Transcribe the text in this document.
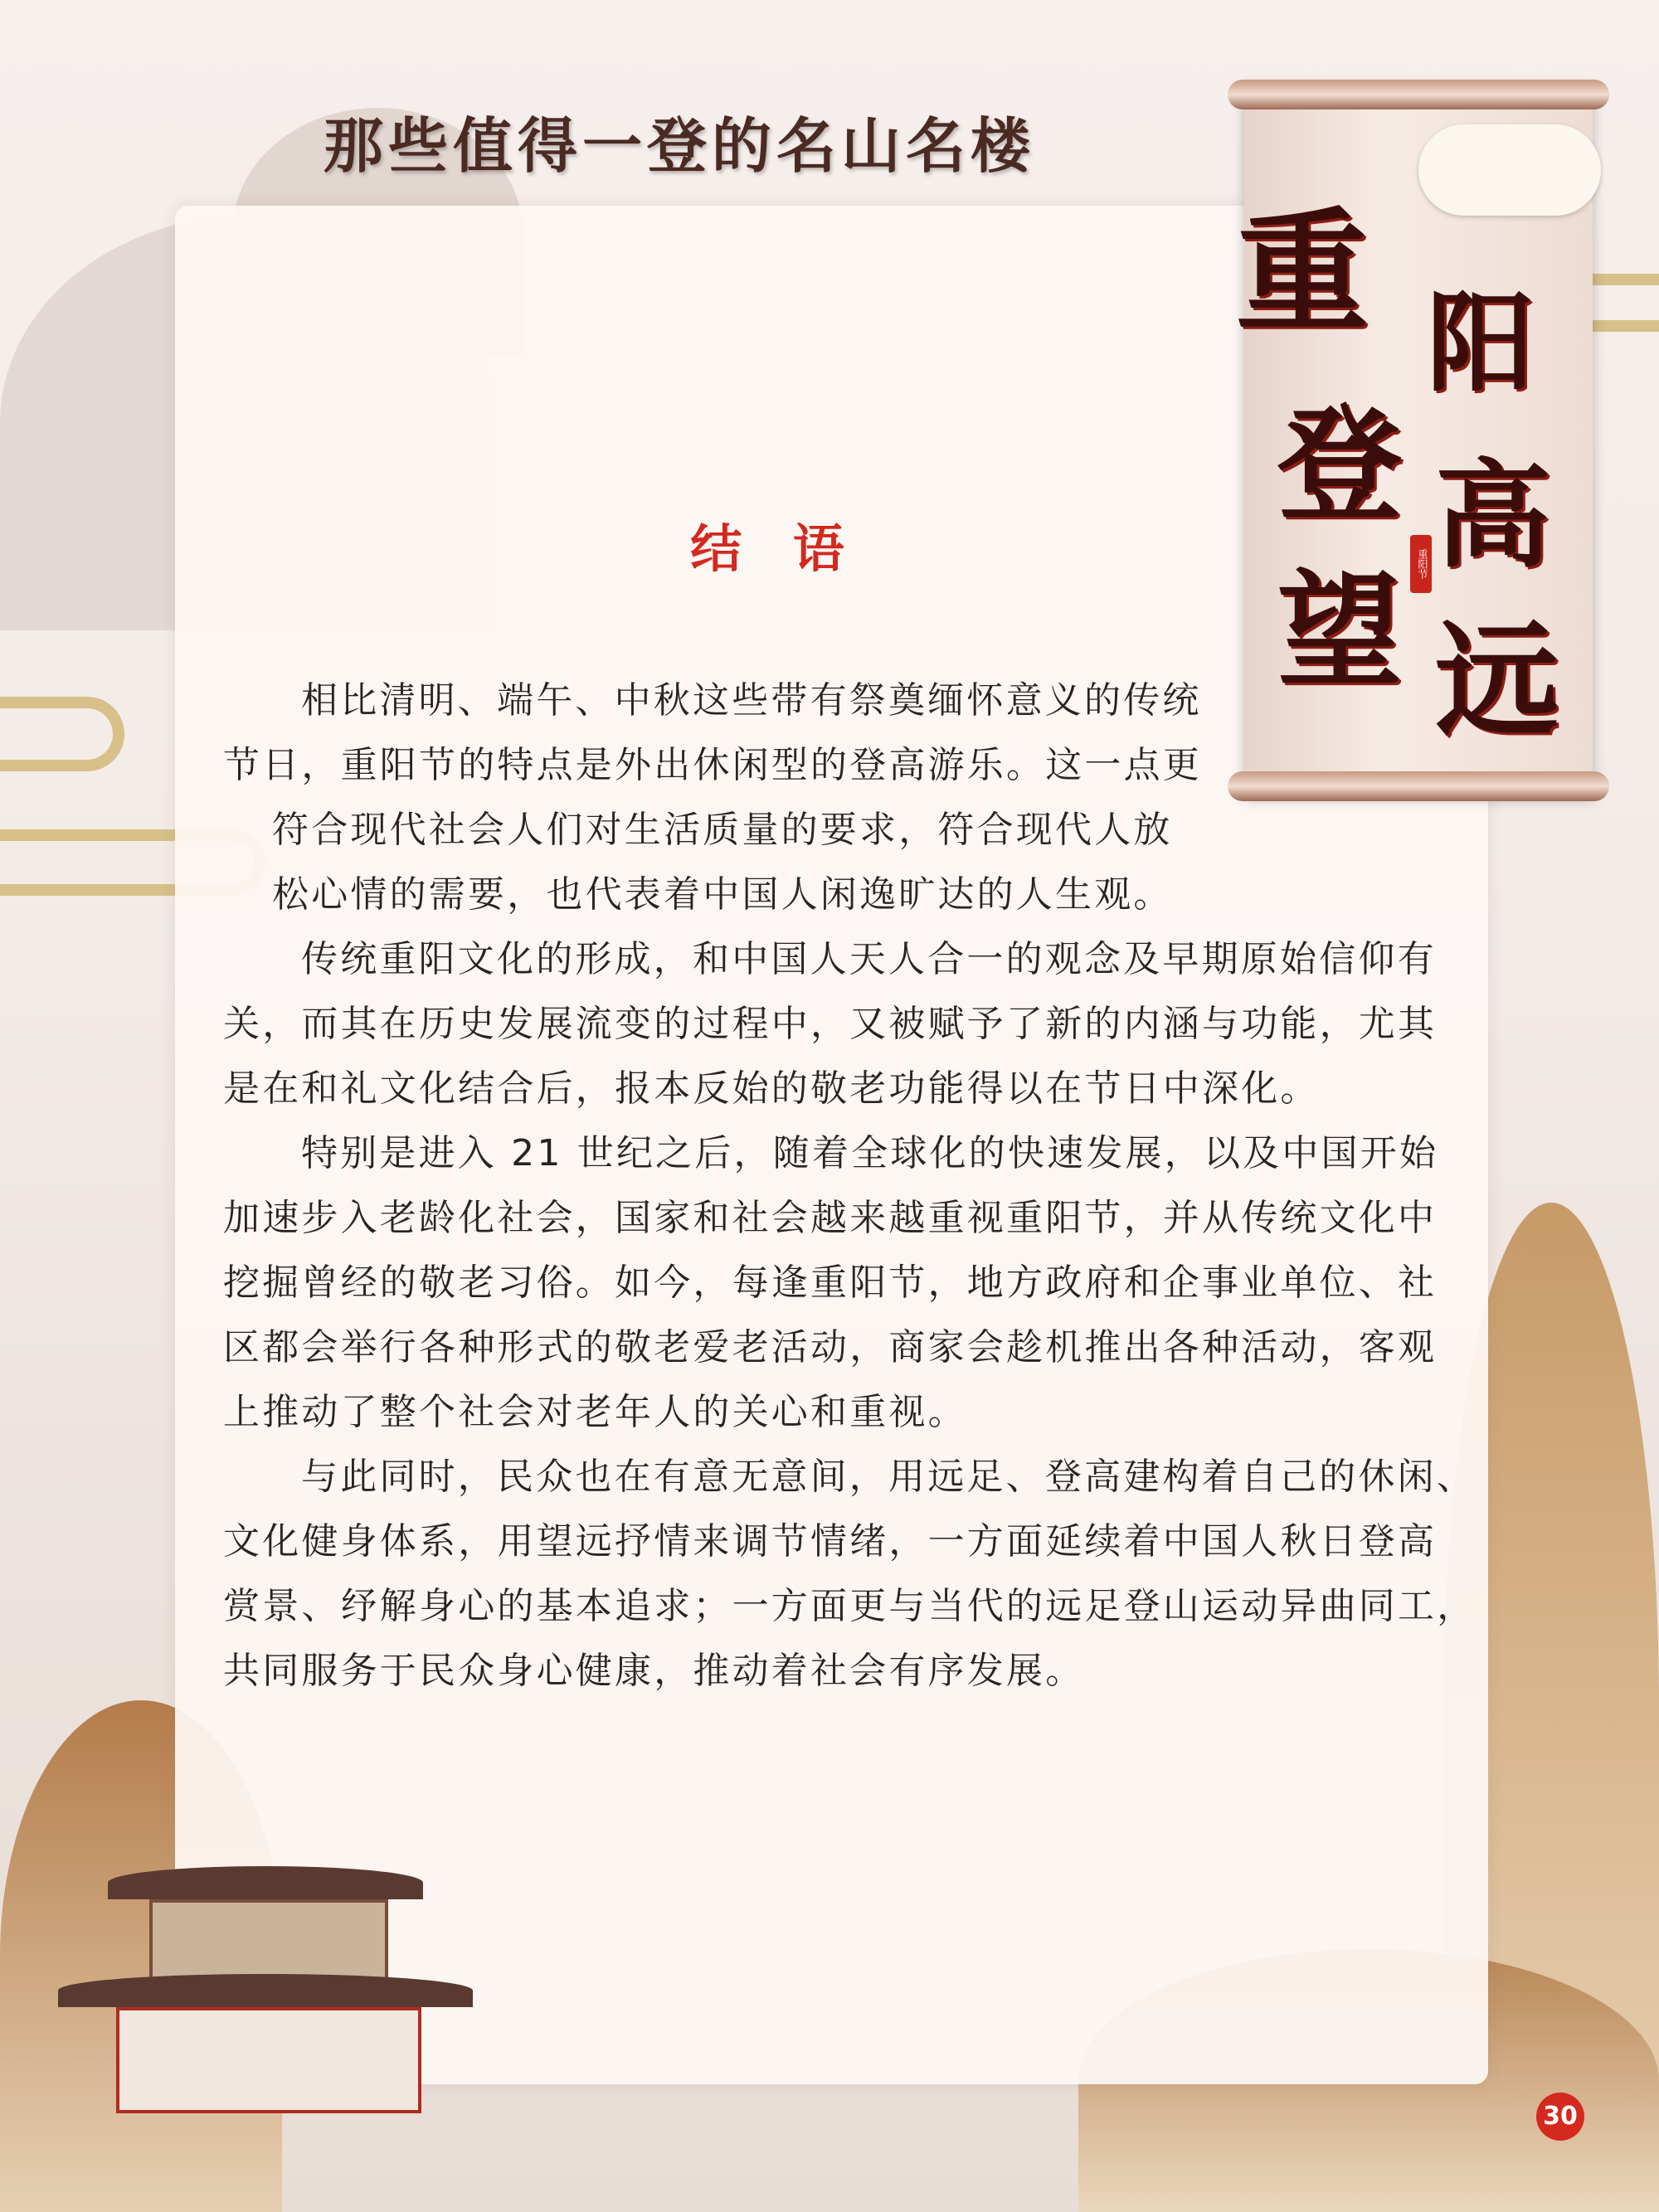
那些值得一登的名山名楼
结 语
相比清明、端午、中秋这些带有祭奠缅怀意义的传统
节日，重阳节的特点是外出休闲型的登高游乐。这一点更
符合现代社会人们对生活质量的要求，符合现代人放
松心情的需要，也代表着中国人闲逸旷达的人生观。
传统重阳文化的形成，和中国人天人合一的观念及早期原始信仰有
关，而其在历史发展流变的过程中，又被赋予了新的内涵与功能，尤其
是在和礼文化结合后，报本反始的敬老功能得以在节日中深化。
特别是进入 21 世纪之后，随着全球化的快速发展，以及中国开始
加速步入老龄化社会，国家和社会越来越重视重阳节，并从传统文化中
挖掘曾经的敬老习俗。如今，每逢重阳节，地方政府和企事业单位、社
区都会举行各种形式的敬老爱老活动，商家会趁机推出各种活动，客观
上推动了整个社会对老年人的关心和重视。
与此同时，民众也在有意无意间，用远足、登高建构着自己的休闲、
文化健身体系，用望远抒情来调节情绪，一方面延续着中国人秋日登高
赏景、纾解身心的基本追求；一方面更与当代的远足登山运动异曲同工，
共同服务于民众身心健康，推动着社会有序发展。
重 阳
登 高
望 远
重阳节
30
